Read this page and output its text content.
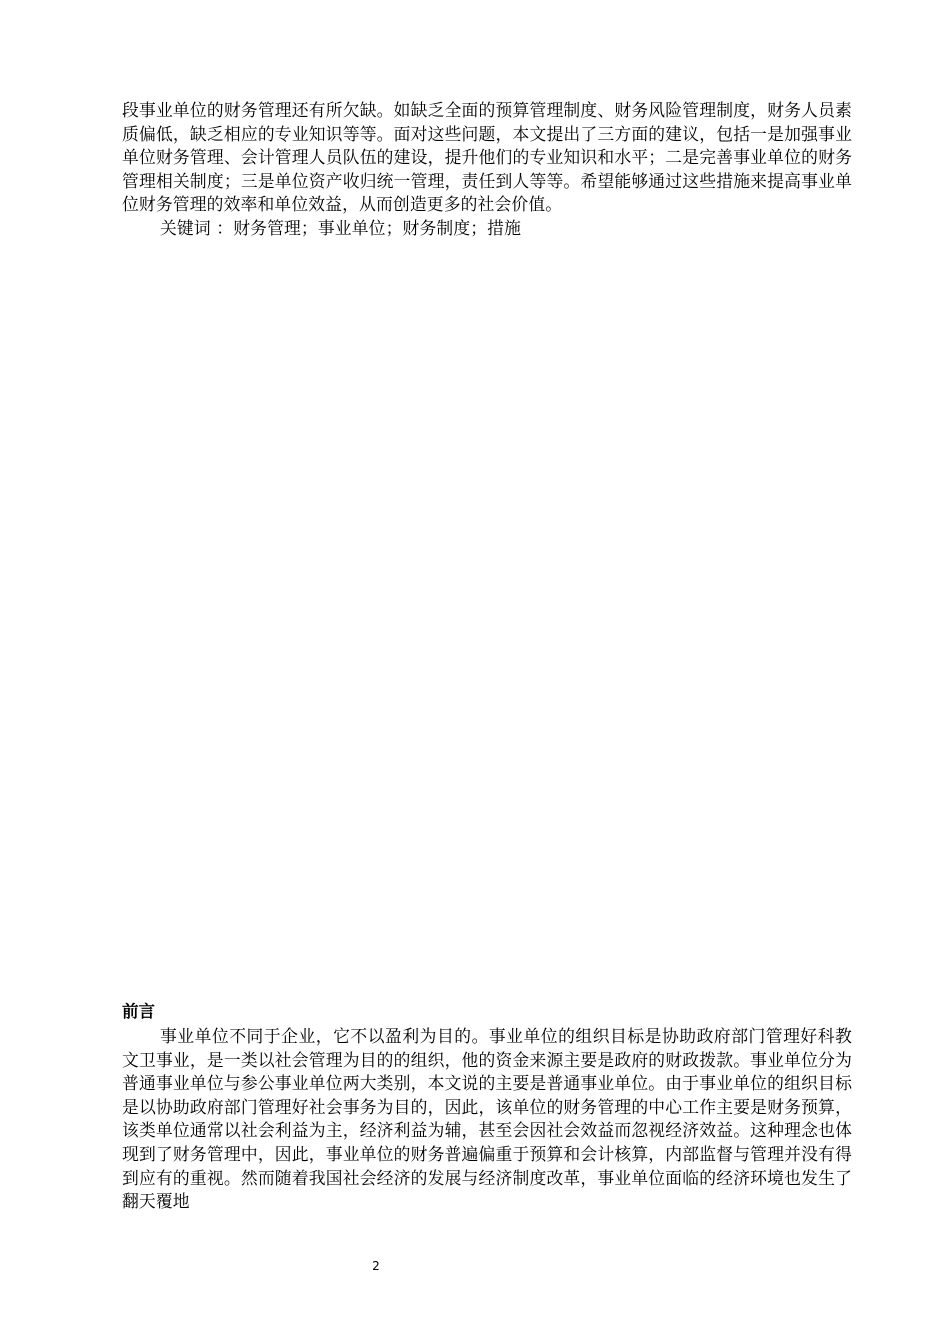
段事业单位的财务管理还有所欠缺。如缺乏全面的预算管理制度、财务风险管理制度，财务人员素质偏低，缺乏相应的专业知识等等。面对这些问题，本文提出了三方面的建议，包括一是加强事业单位财务管理、会计管理人员队伍的建设，提升他们的专业知识和水平；二是完善事业单位的财务管理相关制度；三是单位资产收归统一管理，责任到人等等。希望能够通过这些措施来提高事业单位财务管理的效率和单位效益，从而创造更多的社会价值。

关键词 ：财务管理；事业单位；财务制度；措施

前言

事业单位不同于企业，它不以盈利为目的。事业单位的组织目标是协助政府部门管理好科教文卫事业，是一类以社会管理为目的的组织，他的资金来源主要是政府的财政拨款。事业单位分为普通事业单位与参公事业单位两大类别，本文说的主要是普通事业单位。由于事业单位的组织目标是以协助政府部门管理好社会事务为目的，因此，该单位的财务管理的中心工作主要是财务预算，该类单位通常以社会利益为主，经济利益为辅，甚至会因社会效益而忽视经济效益。这种理念也体现到了财务管理中，因此，事业单位的财务普遍偏重于预算和会计核算，内部监督与管理并没有得到应有的重视。然而随着我国社会经济的发展与经济制度改革，事业单位面临的经济环境也发生了翻天覆地

2
